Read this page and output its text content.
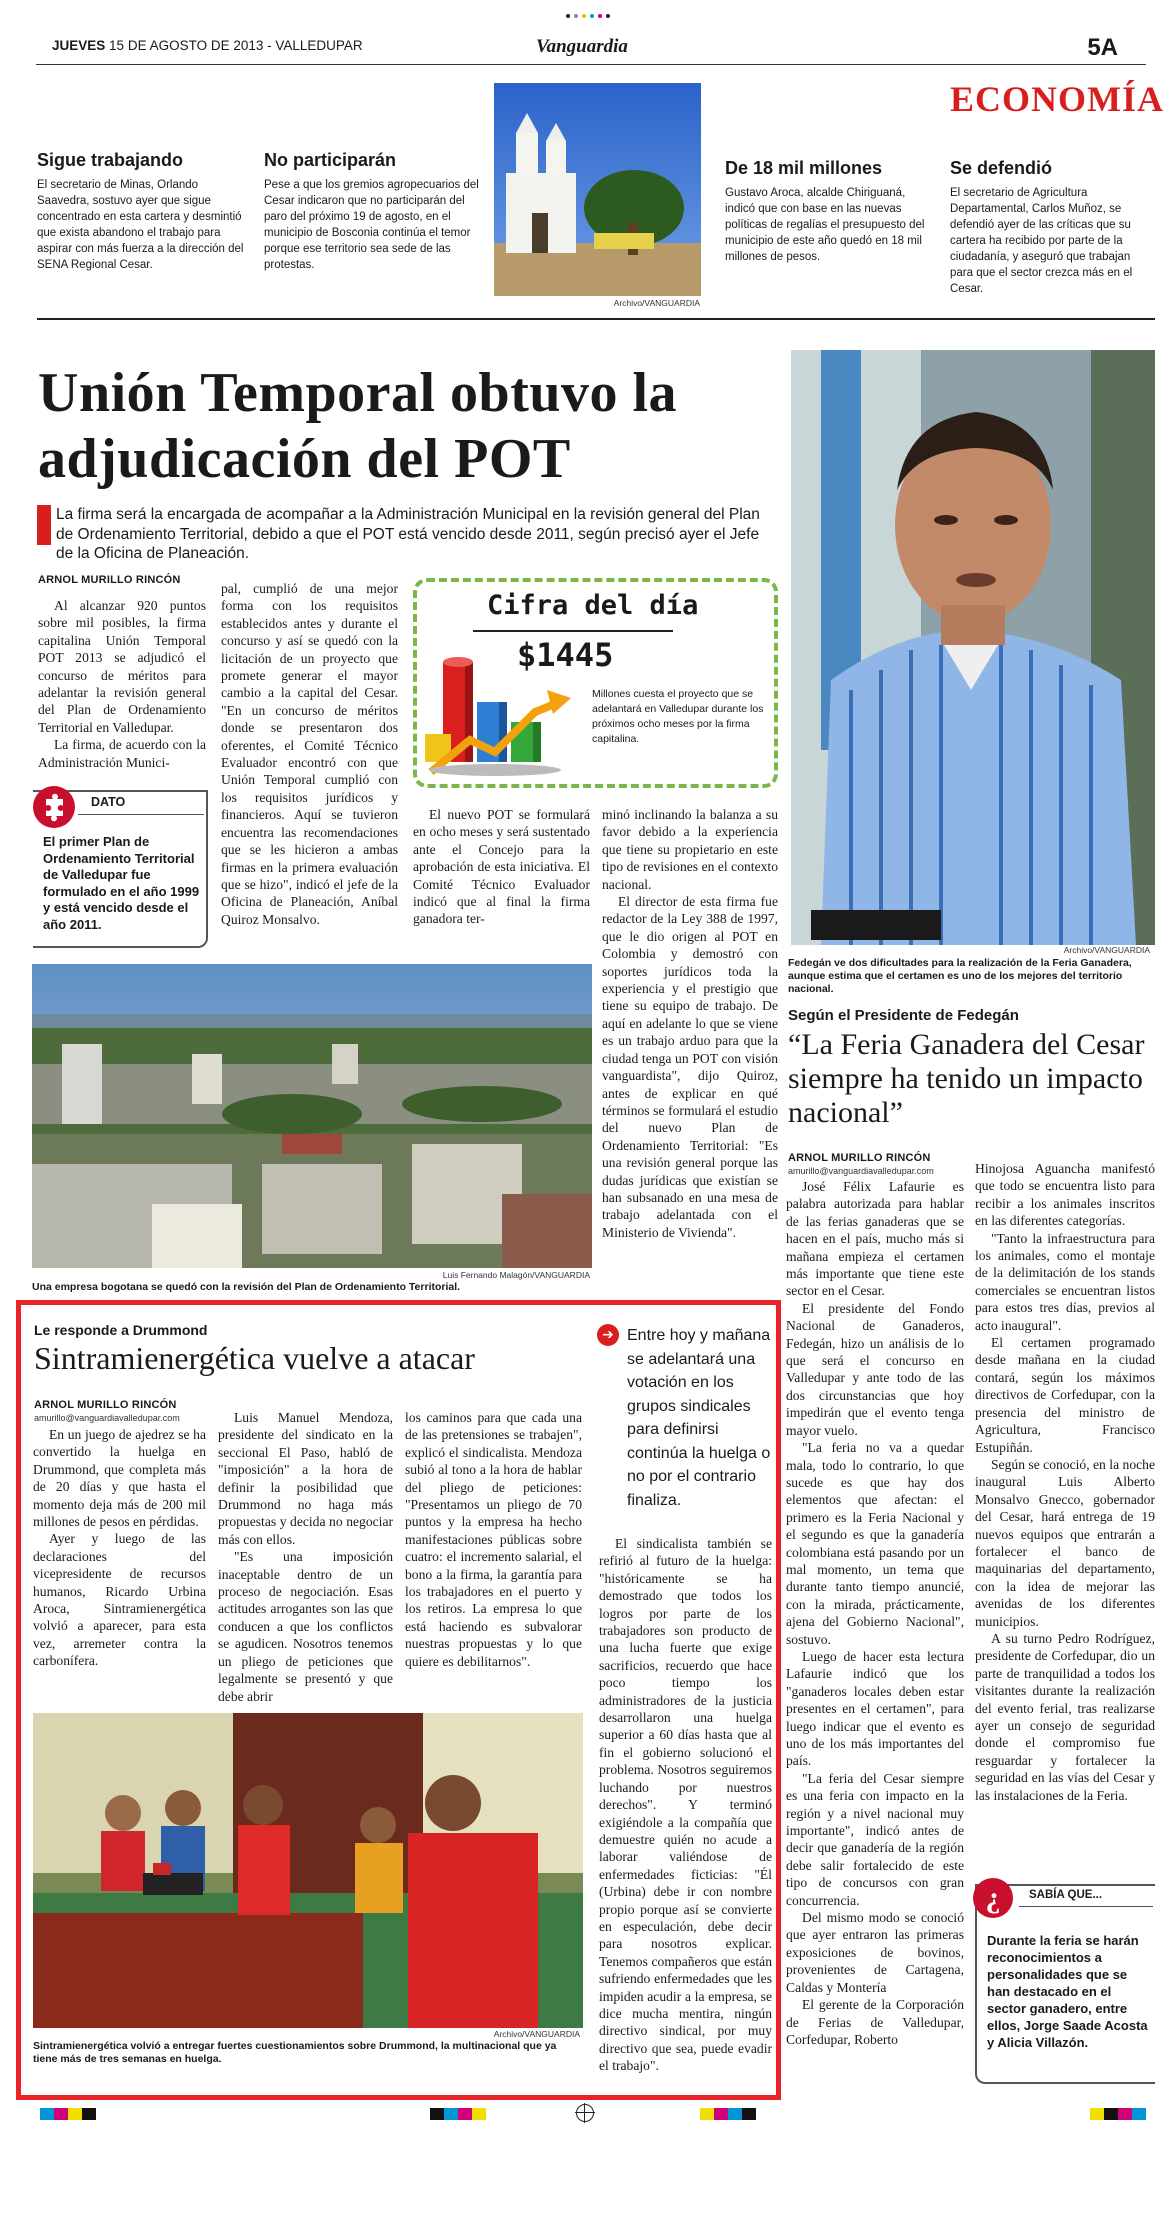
JUEVES 15 DE AGOSTO DE 2013 - VALLEDUPAR	Vanguardia	5A
ECONOMÍA
Sigue trabajando
El secretario de Minas, Orlando Saavedra, sostuvo ayer que sigue concentrado en esta cartera y desmintió que exista abandono el trabajo para aspirar con más fuerza a la dirección del SENA Regional Cesar.
No participarán
Pese a que los gremios agropecuarios del Cesar indicaron que no participarán del paro del próximo 19 de agosto, en el municipio de Bosconia continúa el temor porque ese territorio sea sede de las protestas.
Archivo/VANGUARDIA
De 18 mil millones
Gustavo Aroca, alcalde Chiriguaná, indicó que con base en las nuevas políticas de regalías el presupuesto del municipio de este año quedó en 18 mil millones de pesos.
Se defendió
El secretario de Agricultura Departamental, Carlos Muñoz, se defendió ayer de las críticas que su cartera ha recibido por parte de la ciudadanía, y aseguró que trabajan para que el sector crezca más en el Cesar.
Unión Temporal obtuvo la
adjudicación del POT
La firma será la encargada de acompañar a la Administración Municipal en la revisión general del Plan de Ordenamiento Territorial, debido a que el POT está vencido desde 2011, según precisó ayer el Jefe de la Oficina de Planeación.
ARNOL MURILLO RINCÓN

Al alcanzar 920 puntos sobre mil posibles, la firma capitalina Unión Temporal POT 2013 se adjudicó el concurso de méritos para adelantar la revisión general del Plan de Ordenamiento Territorial en Valledupar.

La firma, de acuerdo con la Administración Munici-

DATO
El primer Plan de Ordenamiento Territorial de Valledupar fue formulado en el año 1999 y está vencido desde el año 2011.

pal, cumplió de una mejor forma con los requisitos establecidos antes y durante el concurso y así se quedó con la licitación de un proyecto que promete generar el mayor cambio a la capital del Cesar. "En un concurso de méritos donde se presentaron dos oferentes, el Comité Técnico Evaluador encontró con que Unión Temporal cumplió con los requisitos jurídicos y financieros. Aquí se tuvieron encuentra las recomendaciones que se les hicieron a ambas firmas en la primera evaluación que se hizo", indicó el jefe de la Oficina de Planeación, Aníbal Quiroz Monsalvo.

Cifra del día
$1445
Millones cuesta el proyecto que se adelantará en Valledupar durante los próximos ocho meses por la firma capitalina.

El nuevo POT se formulará en ocho meses y será sustentado ante el Concejo para la aprobación de esta iniciativa. El Comité Técnico Evaluador indicó que al final la firma ganadora ter-

minó inclinando la balanza a su favor debido a la experiencia que tiene su propietario en este tipo de revisiones en el contexto nacional.

El director de esta firma fue redactor de la Ley 388 de 1997, que le dio origen al POT en Colombia y demostró con soportes jurídicos toda la experiencia y el prestigio que tiene su equipo de trabajo. De aquí en adelante lo que se viene es un trabajo arduo para que la ciudad tenga un POT con visión vanguardista", dijo Quiroz, antes de explicar en qué términos se formulará el estudio del nuevo Plan de Ordenamiento Territorial: "Es una revisión general porque las dudas jurídicas que existían se han subsanado en una mesa de trabajo adelantada con el Ministerio de Vivienda".

Luis Fernando Malagón/VANGUARDIA
Una empresa bogotana se quedó con la revisión del Plan de Ordenamiento Territorial.
Archivo/VANGUARDIA
Fedegán ve dos dificultades para la realización de la Feria Ganadera, aunque estima que el certamen es uno de los mejores del territorio nacional.
Según el Presidente de Fedegán
“La Feria Ganadera del Cesar siempre ha tenido un impacto nacional”
ARNOL MURILLO RINCÓN
amurillo@vanguardiavalledupar.com

José Félix Lafaurie es palabra autorizada para hablar de las ferias ganaderas que se hacen en el país, mucho más si mañana empieza el certamen más importante que tiene este sector en el Cesar.

El presidente del Fondo Nacional de Ganaderos, Fedegán, hizo un análisis de lo que será el concurso en Valledupar y ante todo de las dos circunstancias que hoy impedirán que el evento tenga mayor vuelo.

"La feria no va a quedar mala, todo lo contrario, lo que sucede es que hay dos elementos que afectan: el primero es la Feria Nacional y el segundo es que la ganadería colombiana está pasando por un mal momento, un tema que durante tanto tiempo anuncié, con la mirada, prácticamente, ajena del Gobierno Nacional", sostuvo.

Luego de hacer esta lectura Lafaurie indicó que los "ganaderos locales deben estar presentes en el certamen", para luego indicar que el evento es uno de los más importantes del país.

"La feria del Cesar siempre es una feria con impacto en la región y a nivel nacional muy importante", indicó antes de decir que ganadería de la región debe salir fortalecido de este tipo de concursos con gran concurrencia.

Del mismo modo se conoció que ayer entraron las primeras exposiciones de bovinos, provenientes de Cartagena, Caldas y Montería

El gerente de la Corporación de Ferias de Valledupar, Corfedupar, Roberto

Hinojosa Aguancha manifestó que todo se encuentra listo para recibir a los animales inscritos en las diferentes categorías.

"Tanto la infraestructura para los animales, como el montaje de la delimitación de los stands comerciales se encuentran listos para estos tres días, previos al acto inaugural".

El certamen programado desde mañana en la ciudad contará, según los máximos directivos de Corfedupar, con la presencia del ministro de Agricultura, Francisco Estupiñán.

Según se conoció, en la noche inaugural Luis Alberto Monsalvo Gnecco, gobernador del Cesar, hará entrega de 19 nuevos equipos que entrarán a fortalecer el banco de maquinarias del departamento, con la idea de mejorar las avenidas de los diferentes municipios.

A su turno Pedro Rodríguez, presidente de Corfedupar, dio un parte de tranquilidad a todos los visitantes durante la realización del evento ferial, tras realizarse ayer un consejo de seguridad donde el compromiso fue resguardar y fortalecer la seguridad en las vías del Cesar y las instalaciones de la Feria.

¿	SABÍA QUE...
Durante la feria se harán reconocimientos a personalidades que se han destacado en el sector ganadero, entre ellos, Jorge Saade Acosta y Alicia Villazón.
Le responde a Drummond
Sintramienergética vuelve a atacar
ARNOL MURILLO RINCÓN
amurillo@vanguardiavalledupar.com

En un juego de ajedrez se ha convertido la huelga en Drummond, que completa más de 20 días y que hasta el momento deja más de 200 mil millones de pesos en pérdidas.

Ayer y luego de las declaraciones del vicepresidente de recursos humanos, Ricardo Urbina Aroca, Sintramienergética volvió a aparecer, para esta vez, arremeter contra la carbonífera.

Luis Manuel Mendoza, presidente del sindicato en la seccional El Paso, habló de "imposición" a la hora de definir la posibilidad que Drummond no haga más propuestas y decida no negociar más con ellos.

"Es una imposición inaceptable dentro de un proceso de negociación. Esas actitudes arrogantes son las que conducen a que los conflictos se agudicen. Nosotros tenemos un pliego de peticiones que legalmente se presentó y que debe abrir

los caminos para que cada una de las pretensiones se trabajen", explicó el sindicalista. Mendoza subió al tono a la hora de hablar del pliego de peticiones: "Presentamos un pliego de 70 puntos y la empresa ha hecho manifestaciones públicas sobre cuatro: el incremento salarial, el bono a la firma, la garantía para los trabajadores en el puerto y los retiros. La empresa lo que está haciendo es subvalorar nuestras propuestas y lo que quiere es debilitarnos".

➔ Entre hoy y mañana se adelantará una votación en los grupos sindicales para definirsi continúa la huelga o no por el contrario finaliza.

El sindicalista también se refirió al futuro de la huelga: "históricamente se ha demostrado que todos los logros por parte de los trabajadores son producto de una lucha fuerte que exige sacrificios, recuerdo que hace poco tiempo los administradores de la justicia desarrollaron una huelga superior a 60 días hasta que al fin el gobierno solucionó el problema. Nosotros seguiremos luchando por nuestros derechos". Y terminó exigiéndole a la compañía que demuestre quién no acude a laborar valiéndose de enfermedades ficticias: "Él (Urbina) debe ir con nombre propio porque así se convierte en especulación, debe decir para nosotros explicar. Tenemos compañeros que están sufriendo enfermedades que les impiden acudir a la empresa, se dice mucha mentira, ningún directivo sindical, por muy directivo que sea, puede evadir el trabajo".

Archivo/VANGUARDIA
Sintramienergética volvió a entregar fuertes cuestionamientos sobre Drummond, la multinacional que ya tiene más de tres semanas en huelga.
